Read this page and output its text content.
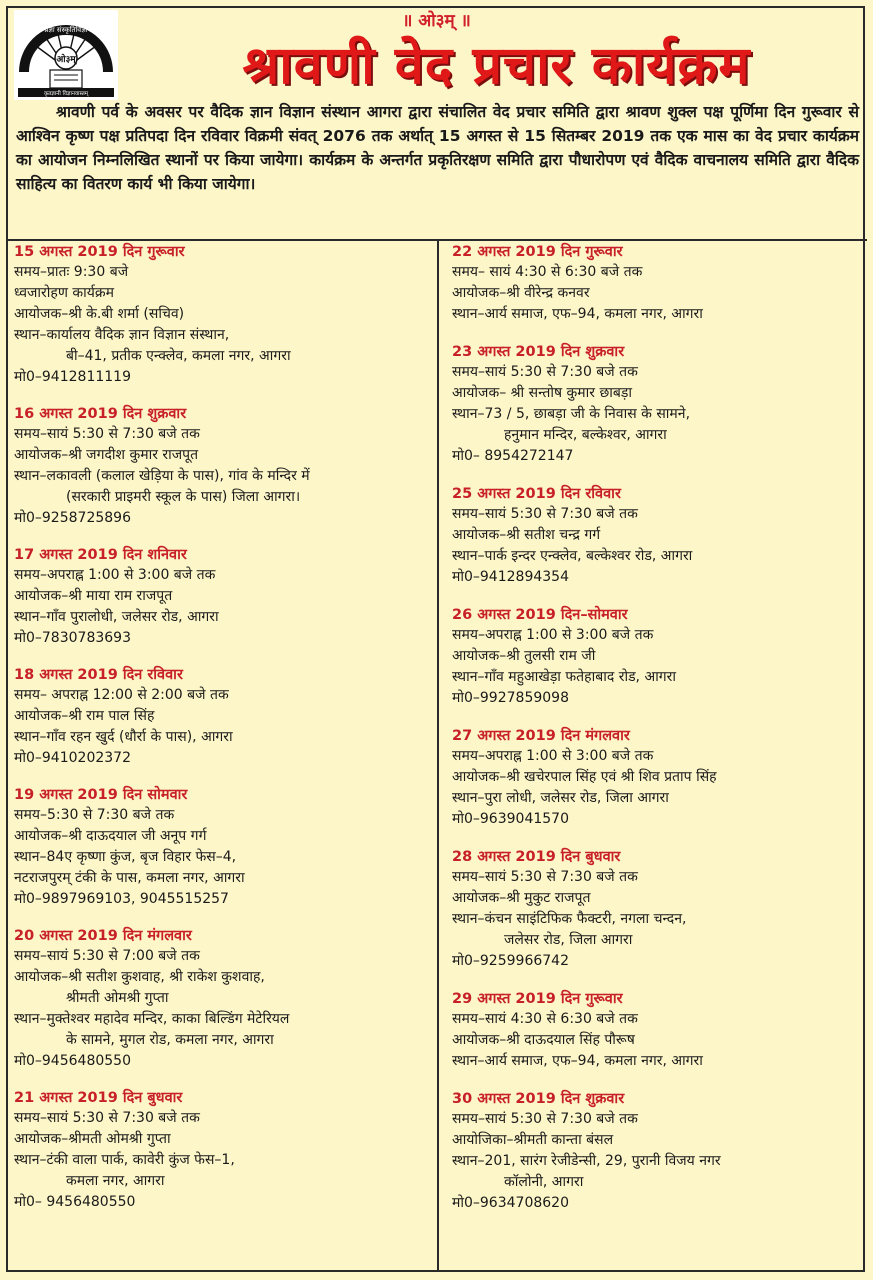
वा प्रज्ञा संस्कृतिविज्ञानम्
ओ३म्
कृतज्ञानी विज्ञानवास्तम्
॥ ओ३म् ॥
श्रावणी वेद प्रचार कार्यक्रम

श्रावणी पर्व के अवसर पर वैदिक ज्ञान विज्ञान संस्थान आगरा द्वारा संचालित वेद प्रचार समिति द्वारा श्रावण शुक्ल पक्ष पूर्णिमा दिन गुरूवार से आश्विन कृष्ण पक्ष प्रतिपदा दिन रविवार विक्रमी संवत् 2076 तक अर्थात् 15 अगस्त से 15 सितम्बर 2019 तक एक मास का वेद प्रचार कार्यक्रम का आयोजन निम्नलिखित स्थानों पर किया जायेगा। कार्यक्रम के अन्तर्गत प्रकृतिरक्षण समिति द्वारा पौधारोपण एवं वैदिक वाचनालय समिति द्वारा वैदिक साहित्य का वितरण कार्य भी किया जायेगा।

15 अगस्त 2019 दिन गुरूवार
समय–प्रातः 9:30 बजे
ध्वजारोहण कार्यक्रम
आयोजक–श्री के.बी शर्मा (सचिव)
स्थान–कार्यालय वैदिक ज्ञान विज्ञान संस्थान,
बी–41, प्रतीक एन्क्लेव, कमला नगर, आगरा
मो0–9412811119
16 अगस्त 2019 दिन शुक्रवार
समय–सायं 5:30 से 7:30 बजे तक
आयोजक–श्री जगदीश कुमार राजपूत
स्थान–लकावली (कलाल खेड़िया के पास), गांव के मन्दिर में
(सरकारी प्राइमरी स्कूल के पास) जिला आगरा।
मो0–9258725896
17 अगस्त 2019 दिन शनिवार
समय–अपराह्न 1:00 से 3:00 बजे तक
आयोजक–श्री माया राम राजपूत
स्थान–गाँव पुरालोधी, जलेसर रोड, आगरा
मो0–7830783693
18 अगस्त 2019 दिन रविवार
समय– अपराह्न 12:00 से 2:00 बजे तक
आयोजक–श्री राम पाल सिंह
स्थान–गाँव रहन खुर्द (धौर्रा के पास), आगरा
मो0–9410202372
19 अगस्त 2019 दिन सोमवार
समय–5:30 से 7:30 बजे तक
आयोजक–श्री दाऊदयाल जी अनूप गर्ग
स्थान–84ए कृष्णा कुंज, बृज विहार फेस–4,
नटराजपुरम् टंकी के पास, कमला नगर, आगरा
मो0–9897969103, 9045515257
20 अगस्त 2019 दिन मंगलवार
समय–सायं 5:30 से 7:00 बजे तक
आयोजक–श्री सतीश कुशवाह, श्री राकेश कुशवाह,
श्रीमती ओमश्री गुप्ता
स्थान–मुक्तेश्वर महादेव मन्दिर, काका बिल्डिंग मेटेरियल
के सामने, मुगल रोड, कमला नगर, आगरा
मो0–9456480550
21 अगस्त 2019 दिन बुधवार
समय–सायं 5:30 से 7:30 बजे तक
आयोजक–श्रीमती ओमश्री गुप्ता
स्थान–टंकी वाला पार्क, कावेरी कुंज फेस–1,
कमला नगर, आगरा
मो0– 9456480550
22 अगस्त 2019 दिन गुरूवार
समय– सायं 4:30 से 6:30 बजे तक
आयोजक–श्री वीरेन्द्र कनवर
स्थान–आर्य समाज, एफ–94, कमला नगर, आगरा
23 अगस्त 2019 दिन शुक्रवार
समय–सायं 5:30 से 7:30 बजे तक
आयोजक– श्री सन्तोष कुमार छाबड़ा
स्थान–73 / 5, छाबड़ा जी के निवास के सामने,
हनुमान मन्दिर, बल्केश्वर, आगरा
मो0– 8954272147
25 अगस्त 2019 दिन रविवार
समय–सायं 5:30 से 7:30 बजे तक
आयोजक–श्री सतीश चन्द्र गर्ग
स्थान–पार्क इन्दर एन्क्लेव, बल्केश्वर रोड, आगरा
मो0–9412894354
26 अगस्त 2019 दिन–सोमवार
समय–अपराह्न 1:00 से 3:00 बजे तक
आयोजक–श्री तुलसी राम जी
स्थान–गाँव महुआखेड़ा फतेहाबाद रोड, आगरा
मो0–9927859098
27 अगस्त 2019 दिन मंगलवार
समय–अपराह्न 1:00 से 3:00 बजे तक
आयोजक–श्री खचेरपाल सिंह एवं श्री शिव प्रताप सिंह
स्थान–पुरा लोधी, जलेसर रोड, जिला आगरा
मो0–9639041570
28 अगस्त 2019 दिन बुधवार
समय–सायं 5:30 से 7:30 बजे तक
आयोजक–श्री मुकुट राजपूत
स्थान–कंचन साइंटिफिक फैक्टरी, नगला चन्दन,
जलेसर रोड, जिला आगरा
मो0–9259966742
29 अगस्त 2019 दिन गुरूवार
समय–सायं 4:30 से 6:30 बजे तक
आयोजक–श्री दाऊदयाल सिंह पौरूष
स्थान–आर्य समाज, एफ–94, कमला नगर, आगरा
30 अगस्त 2019 दिन शुक्रवार
समय–सायं 5:30 से 7:30 बजे तक
आयोजिका–श्रीमती कान्ता बंसल
स्थान–201, सारंग रेजीडेन्सी, 29, पुरानी विजय नगर
कॉलोनी, आगरा
मो0–9634708620
